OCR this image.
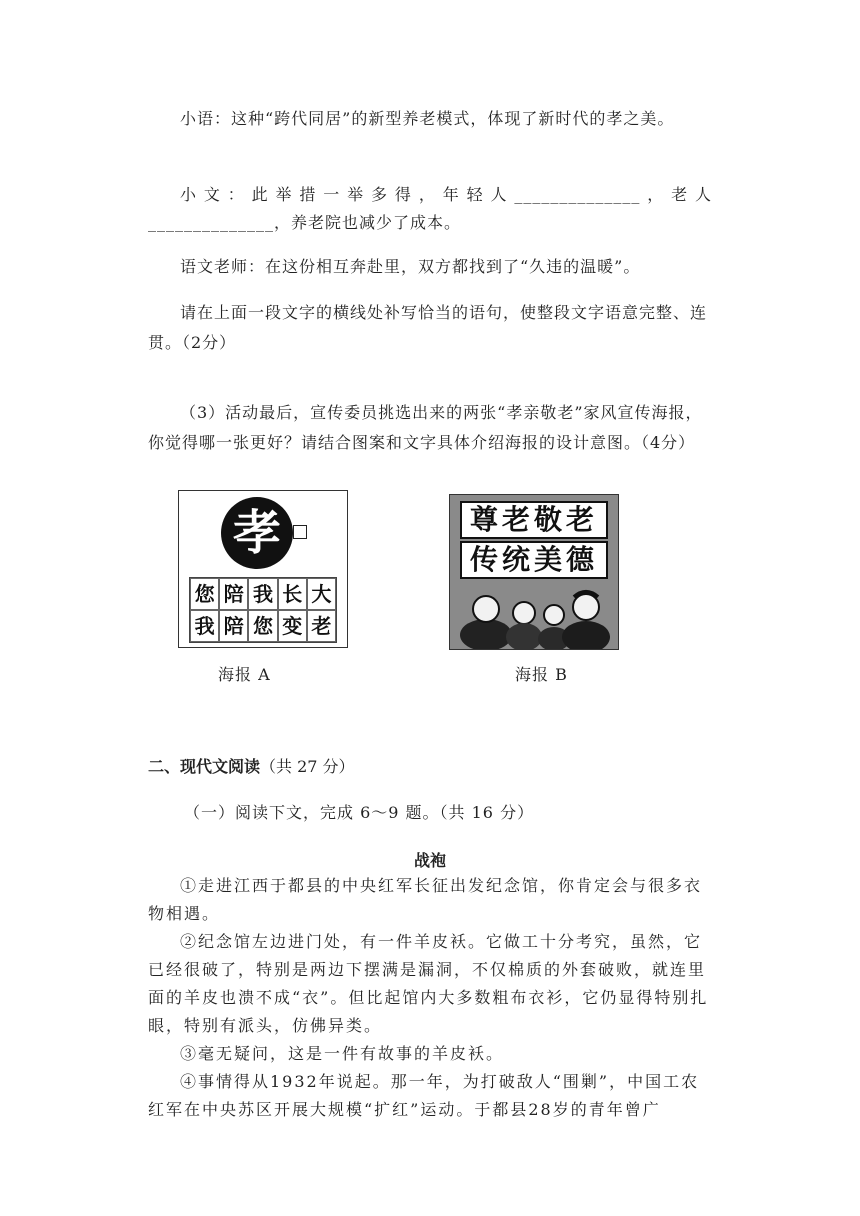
小语：这种“跨代同居”的新型养老模式，体现了新时代的孝之美。
小文：此举措一举多得，年轻人______________，老人
______________，养老院也减少了成本。
语文老师：在这份相互奔赴里，双方都找到了“久违的温暖”。
请在上面一段文字的横线处补写恰当的语句，使整段文字语意完整、连贯。（2分）
（3）活动最后，宣传委员挑选出来的两张“孝亲敬老”家风宣传海报，你觉得哪一张更好？请结合图案和文字具体介绍海报的设计意图。（4分）
孝
您 陪 我 长 大
我 陪 您 变 老
海报 A
尊老敬老
传统美德
海报 B
二、现代文阅读（共 27 分）
（一）阅读下文，完成 6～9 题。（共 16 分）
战袍
①走进江西于都县的中央红军长征出发纪念馆，你肯定会与很多衣物相遇。
②纪念馆左边进门处，有一件羊皮袄。它做工十分考究，虽然，它已经很破了，特别是两边下摆满是漏洞，不仅棉质的外套破败，就连里面的羊皮也溃不成“衣”。但比起馆内大多数粗布衣衫，它仍显得特别扎眼，特别有派头，仿佛异类。
③毫无疑问，这是一件有故事的羊皮袄。
④事情得从1932年说起。那一年，为打破敌人“围剿”，中国工农红军在中央苏区开展大规模“扩红”运动。于都县28岁的青年曾广
